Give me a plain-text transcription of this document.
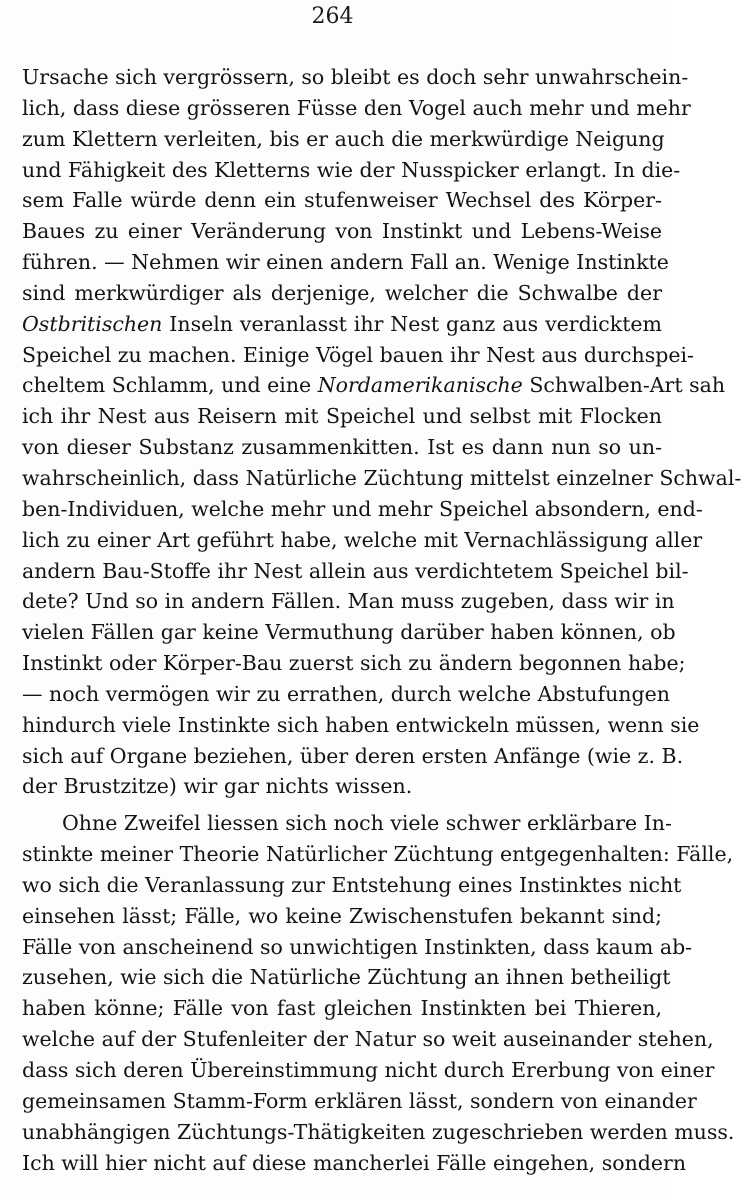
264
Ursache sich vergrössern, so bleibt es doch sehr unwahrschein-
lich, dass diese grösseren Füsse den Vogel auch mehr und mehr
zum Klettern verleiten, bis er auch die merkwürdige Neigung
und Fähigkeit des Kletterns wie der Nusspicker erlangt. In die-
sem Falle würde denn ein stufenweiser Wechsel des Körper-
Baues zu einer Veränderung von Instinkt und Lebens-Weise
führen. — Nehmen wir einen andern Fall an. Wenige Instinkte
sind merkwürdiger als derjenige, welcher die Schwalbe der
Ostbritischen Inseln veranlasst ihr Nest ganz aus verdicktem
Speichel zu machen. Einige Vögel bauen ihr Nest aus durchspei-
cheltem Schlamm, und eine Nordamerikanische Schwalben-Art sah
ich ihr Nest aus Reisern mit Speichel und selbst mit Flocken
von dieser Substanz zusammenkitten. Ist es dann nun so un-
wahrscheinlich, dass Natürliche Züchtung mittelst einzelner Schwal-
ben-Individuen, welche mehr und mehr Speichel absondern, end-
lich zu einer Art geführt habe, welche mit Vernachlässigung aller
andern Bau-Stoffe ihr Nest allein aus verdichtetem Speichel bil-
dete? Und so in andern Fällen. Man muss zugeben, dass wir in
vielen Fällen gar keine Vermuthung darüber haben können, ob
Instinkt oder Körper-Bau zuerst sich zu ändern begonnen habe;
— noch vermögen wir zu errathen, durch welche Abstufungen
hindurch viele Instinkte sich haben entwickeln müssen, wenn sie
sich auf Organe beziehen, über deren ersten Anfänge (wie z. B.
der Brustzitze) wir gar nichts wissen.
Ohne Zweifel liessen sich noch viele schwer erklärbare In-
stinkte meiner Theorie Natürlicher Züchtung entgegenhalten: Fälle,
wo sich die Veranlassung zur Entstehung eines Instinktes nicht
einsehen lässt; Fälle, wo keine Zwischenstufen bekannt sind;
Fälle von anscheinend so unwichtigen Instinkten, dass kaum ab-
zusehen, wie sich die Natürliche Züchtung an ihnen betheiligt
haben könne; Fälle von fast gleichen Instinkten bei Thieren,
welche auf der Stufenleiter der Natur so weit auseinander stehen,
dass sich deren Übereinstimmung nicht durch Ererbung von einer
gemeinsamen Stamm-Form erklären lässt, sondern von einander
unabhängigen Züchtungs-Thätigkeiten zugeschrieben werden muss.
Ich will hier nicht auf diese mancherlei Fälle eingehen, sondern
